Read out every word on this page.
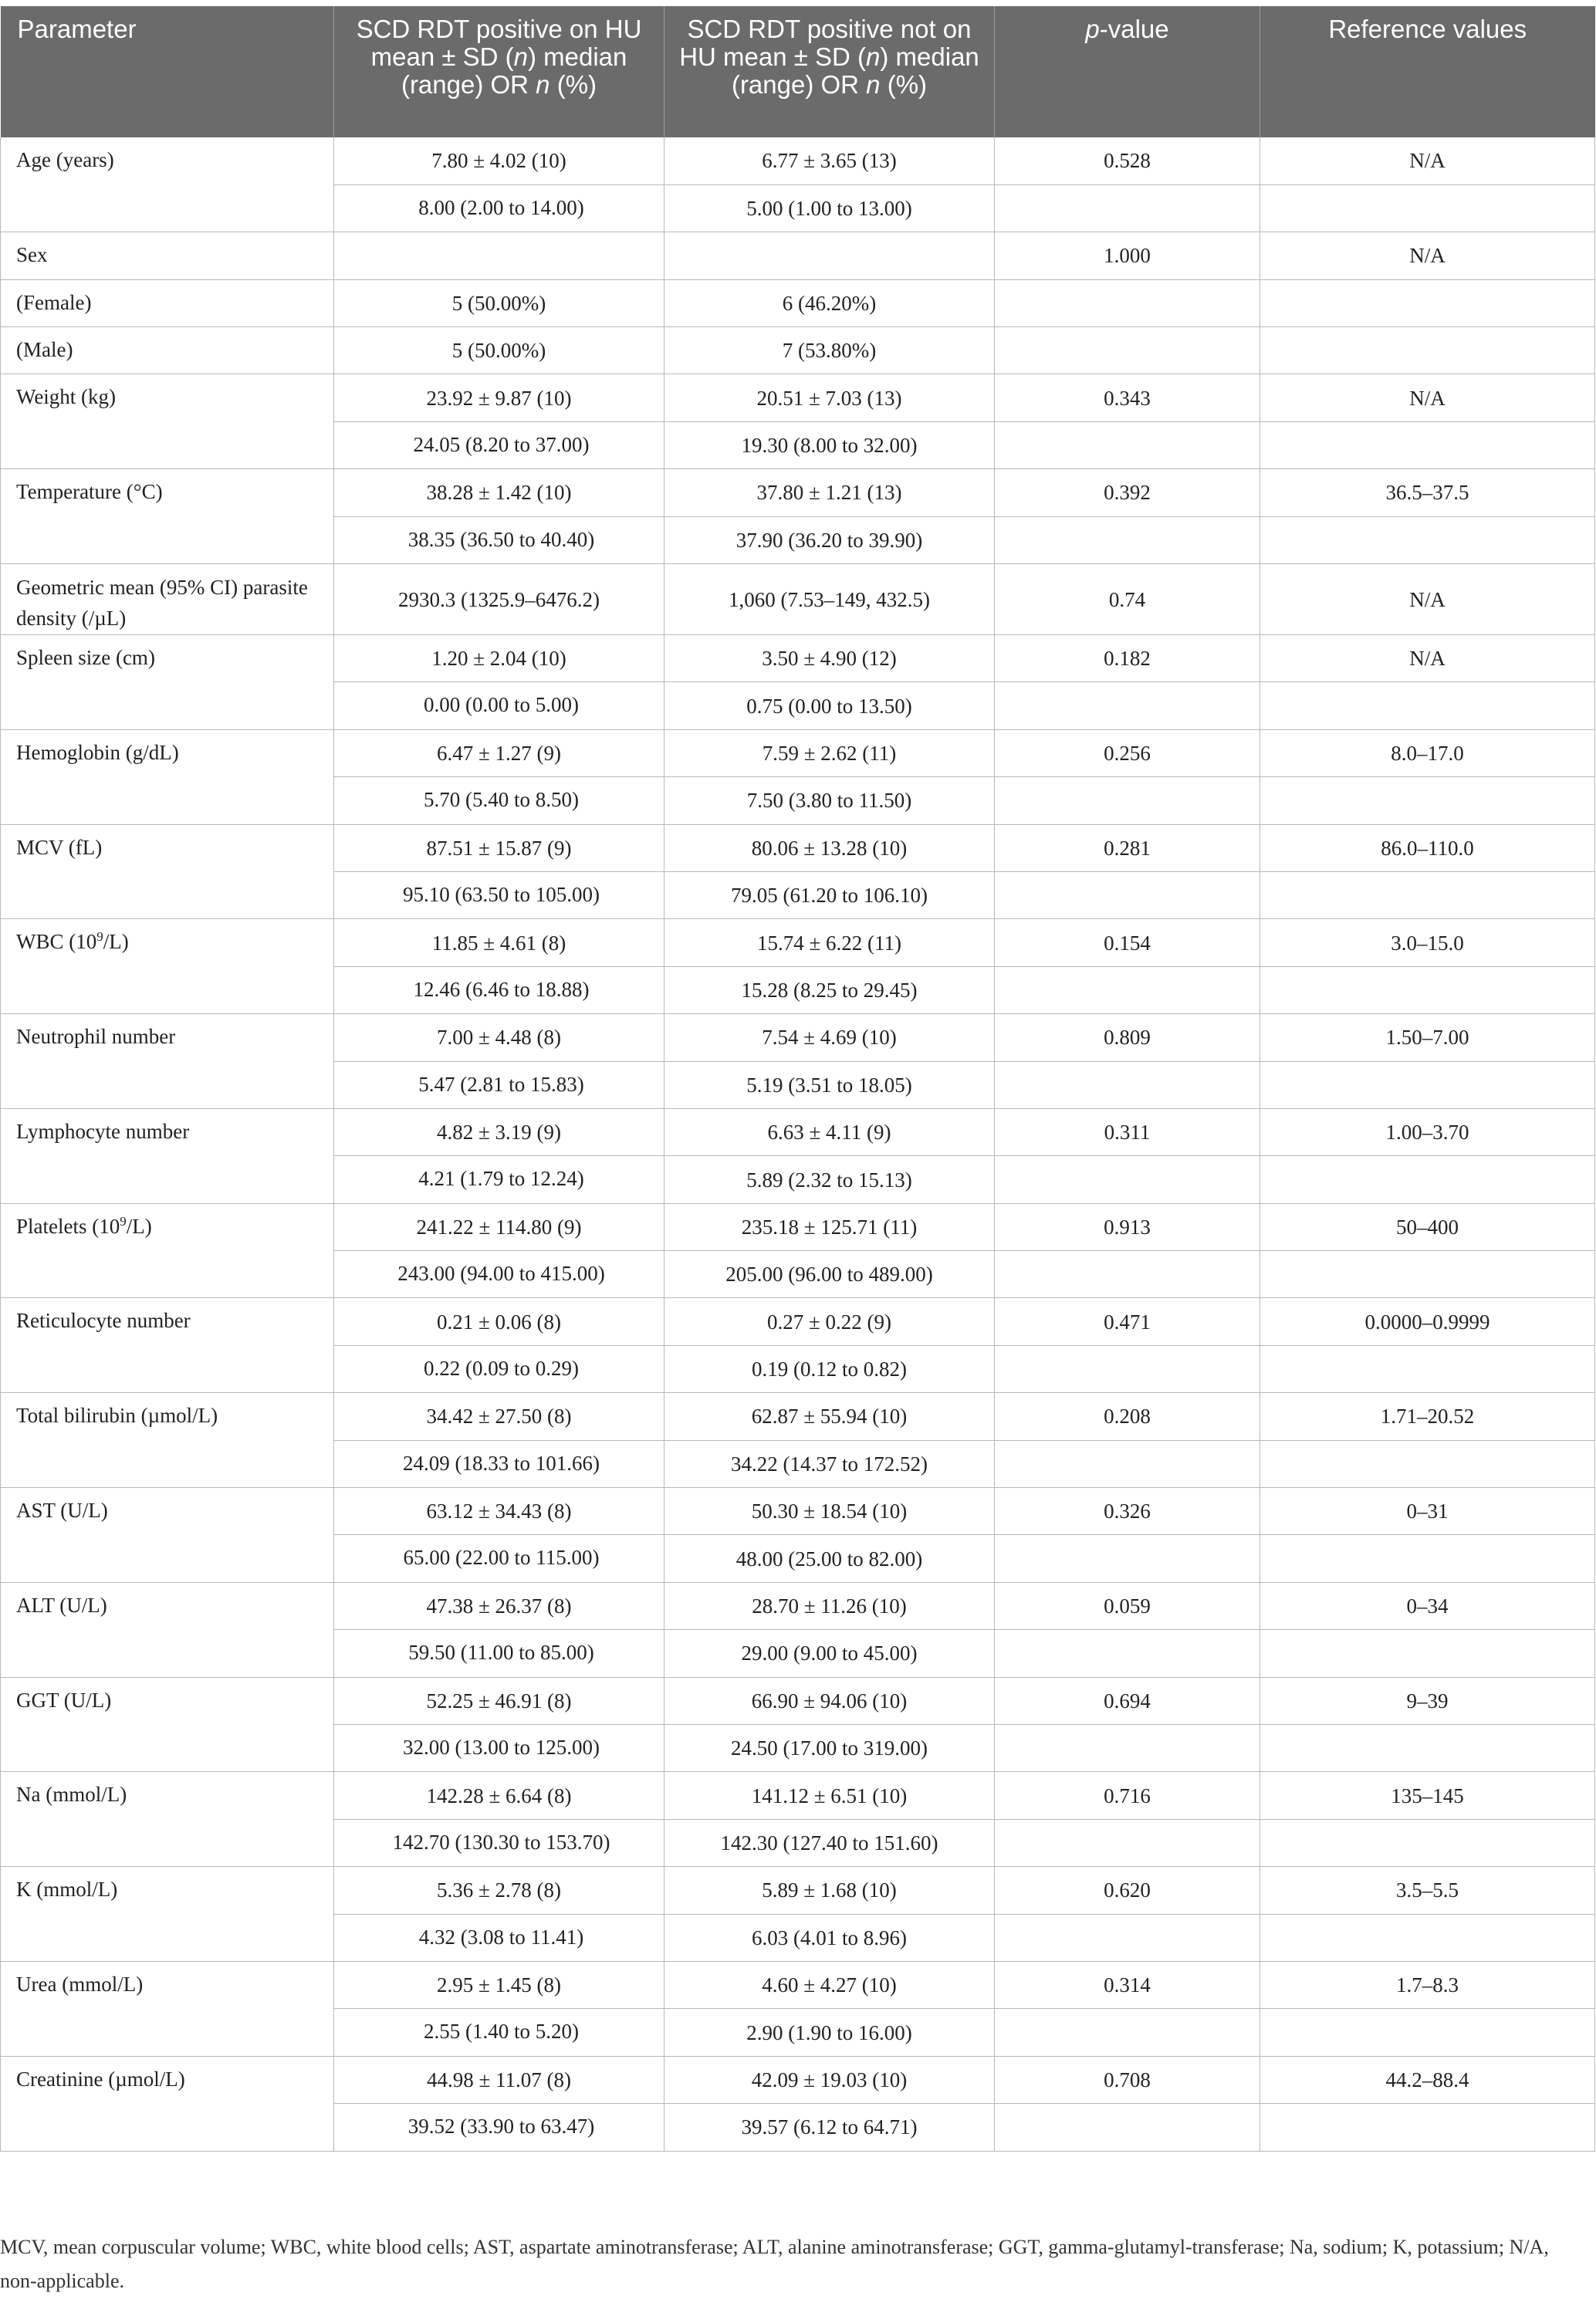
Parameter	SCD RDT positive on HU mean ± SD (n) median (range) OR n (%)	SCD RDT positive not on HU mean ± SD (n) median (range) OR n (%)	p-value	Reference values
Age (years)	7.80 ± 4.02 (10)	6.77 ± 3.65 (13)	0.528	N/A
	8.00 (2.00 to 14.00)	5.00 (1.00 to 13.00)		
Sex			1.000	N/A
(Female)	5 (50.00%)	6 (46.20%)		
(Male)	5 (50.00%)	7 (53.80%)		
Weight (kg)	23.92 ± 9.87 (10)	20.51 ± 7.03 (13)	0.343	N/A
	24.05 (8.20 to 37.00)	19.30 (8.00 to 32.00)		
Temperature (°C)	38.28 ± 1.42 (10)	37.80 ± 1.21 (13)	0.392	36.5–37.5
	38.35 (36.50 to 40.40)	37.90 (36.20 to 39.90)		
Geometric mean (95% CI) parasite density (/µL)	2930.3 (1325.9–6476.2)	1,060 (7.53–149, 432.5)	0.74	N/A
Spleen size (cm)	1.20 ± 2.04 (10)	3.50 ± 4.90 (12)	0.182	N/A
	0.00 (0.00 to 5.00)	0.75 (0.00 to 13.50)		
Hemoglobin (g/dL)	6.47 ± 1.27 (9)	7.59 ± 2.62 (11)	0.256	8.0–17.0
	5.70 (5.40 to 8.50)	7.50 (3.80 to 11.50)		
MCV (fL)	87.51 ± 15.87 (9)	80.06 ± 13.28 (10)	0.281	86.0–110.0
	95.10 (63.50 to 105.00)	79.05 (61.20 to 106.10)		
WBC $(10^9/L)$	11.85 ± 4.61 (8)	15.74 ± 6.22 (11)	0.154	3.0–15.0
	12.46 (6.46 to 18.88)	15.28 (8.25 to 29.45)		
Neutrophil number	7.00 ± 4.48 (8)	7.54 ± 4.69 (10)	0.809	1.50–7.00
	5.47 (2.81 to 15.83)	5.19 (3.51 to 18.05)		
Lymphocyte number	4.82 ± 3.19 (9)	6.63 ± 4.11 (9)	0.311	1.00–3.70
	4.21 (1.79 to 12.24)	5.89 (2.32 to 15.13)		
Platelets $(10^9/L)$	241.22 ± 114.80 (9)	235.18 ± 125.71 (11)	0.913	50–400
	243.00 (94.00 to 415.00)	205.00 (96.00 to 489.00)		
Reticulocyte number	0.21 ± 0.06 (8)	0.27 ± 0.22 (9)	0.471	0.0000–0.9999
	0.22 (0.09 to 0.29)	0.19 (0.12 to 0.82)		
Total bilirubin (µmol/L)	34.42 ± 27.50 (8)	62.87 ± 55.94 (10)	0.208	1.71–20.52
	24.09 (18.33 to 101.66)	34.22 (14.37 to 172.52)		
AST (U/L)	63.12 ± 34.43 (8)	50.30 ± 18.54 (10)	0.326	0–31
	65.00 (22.00 to 115.00)	48.00 (25.00 to 82.00)		
ALT (U/L)	47.38 ± 26.37 (8)	28.70 ± 11.26 (10)	0.059	0–34
	59.50 (11.00 to 85.00)	29.00 (9.00 to 45.00)		
GGT (U/L)	52.25 ± 46.91 (8)	66.90 ± 94.06 (10)	0.694	9–39
	32.00 (13.00 to 125.00)	24.50 (17.00 to 319.00)		
Na (mmol/L)	142.28 ± 6.64 (8)	141.12 ± 6.51 (10)	0.716	135–145
	142.70 (130.30 to 153.70)	142.30 (127.40 to 151.60)		
K (mmol/L)	5.36 ± 2.78 (8)	5.89 ± 1.68 (10)	0.620	3.5–5.5
	4.32 (3.08 to 11.41)	6.03 (4.01 to 8.96)		
Urea (mmol/L)	2.95 ± 1.45 (8)	4.60 ± 4.27 (10)	0.314	1.7–8.3
	2.55 (1.40 to 5.20)	2.90 (1.90 to 16.00)		
Creatinine (µmol/L)	44.98 ± 11.07 (8)	42.09 ± 19.03 (10)	0.708	44.2–88.4
	39.52 (33.90 to 63.47)	39.57 (6.12 to 64.71)		
MCV, mean corpuscular volume; WBC, white blood cells; AST, aspartate aminotransferase; ALT, alanine aminotransferase; GGT, gamma-glutamyl-transferase; Na, sodium; K, potassium; N/A, non-applicable.
